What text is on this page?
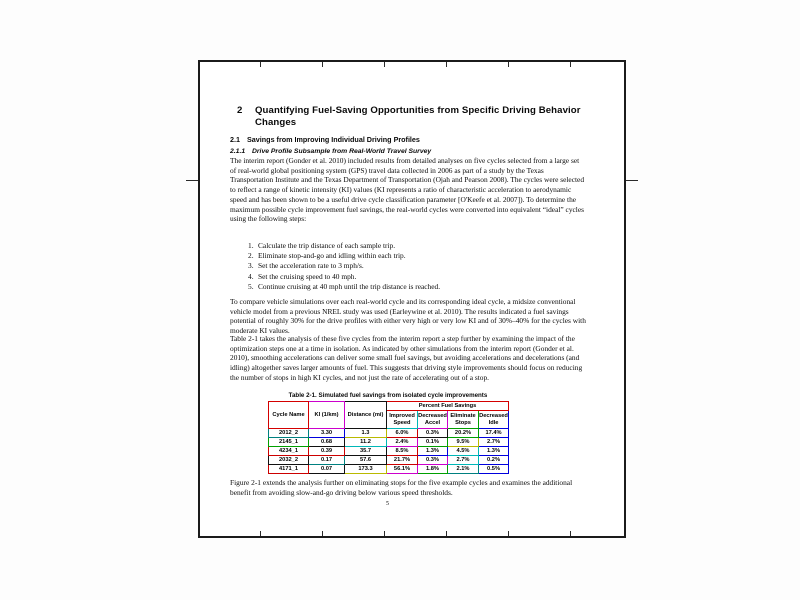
2	Quantifying Fuel-Saving Opportunities from Specific Driving Behavior Changes
2.1 Savings from Improving Individual Driving Profiles
2.1.1	Drive Profile Subsample from Real-World Travel Survey
The interim report (Gonder et al. 2010) included results from detailed analyses on five cycles selected from a large set of real-world global positioning system (GPS) travel data collected in 2006 as part of a study by the Texas Transportation Institute and the Texas Department of Transportation (Ojah and Pearson 2008). The cycles were selected to reflect a range of kinetic intensity (KI) values (KI represents a ratio of characteristic acceleration to aerodynamic speed and has been shown to be a useful drive cycle classification parameter [O'Keefe et al. 2007]). To determine the maximum possible cycle improvement fuel savings, the real-world cycles were converted into equivalent “ideal” cycles using the following steps:
1. Calculate the trip distance of each sample trip.
2. Eliminate stop-and-go and idling within each trip.
3. Set the acceleration rate to 3 mph/s.
4. Set the cruising speed to 40 mph.
5. Continue cruising at 40 mph until the trip distance is reached.
To compare vehicle simulations over each real-world cycle and its corresponding ideal cycle, a midsize conventional vehicle model from a previous NREL study was used (Earleywine et al. 2010). The results indicated a fuel savings potential of roughly 30% for the drive profiles with either very high or very low KI and of 30%–40% for the cycles with moderate KI values.
Table 2-1 takes the analysis of these five cycles from the interim report a step further by examining the impact of the optimization steps one at a time in isolation. As indicated by other simulations from the interim report (Gonder et al. 2010), smoothing accelerations can deliver some small fuel savings, but avoiding accelerations and decelerations (and idling) altogether saves larger amounts of fuel. This suggests that driving style improvements should focus on reducing the number of stops in high KI cycles, and not just the rate of accelerating out of a stop.
Table 2-1. Simulated fuel savings from isolated cycle improvements
Cycle Name	KI (1/km)	Distance (mi)	Percent Fuel Savings			
			Improved Speed	Decreased Accel	Eliminate Stops	Decreased Idle
2012_2	3.30	1.3	6.0%	0.3%	20.2%	17.4%
2145_1	0.68	11.2	2.4%	0.1%	9.5%	2.7%
4234_1	0.39	35.7	8.5%	1.3%	4.5%	1.3%
2032_2	0.17	57.6	21.7%	0.3%	2.7%	0.2%
4171_1	0.07	173.3	56.1%	1.8%	2.1%	0.5%
Figure 2-1 extends the analysis further on eliminating stops for the five example cycles and examines the additional benefit from avoiding slow-and-go driving below various speed thresholds.
5
